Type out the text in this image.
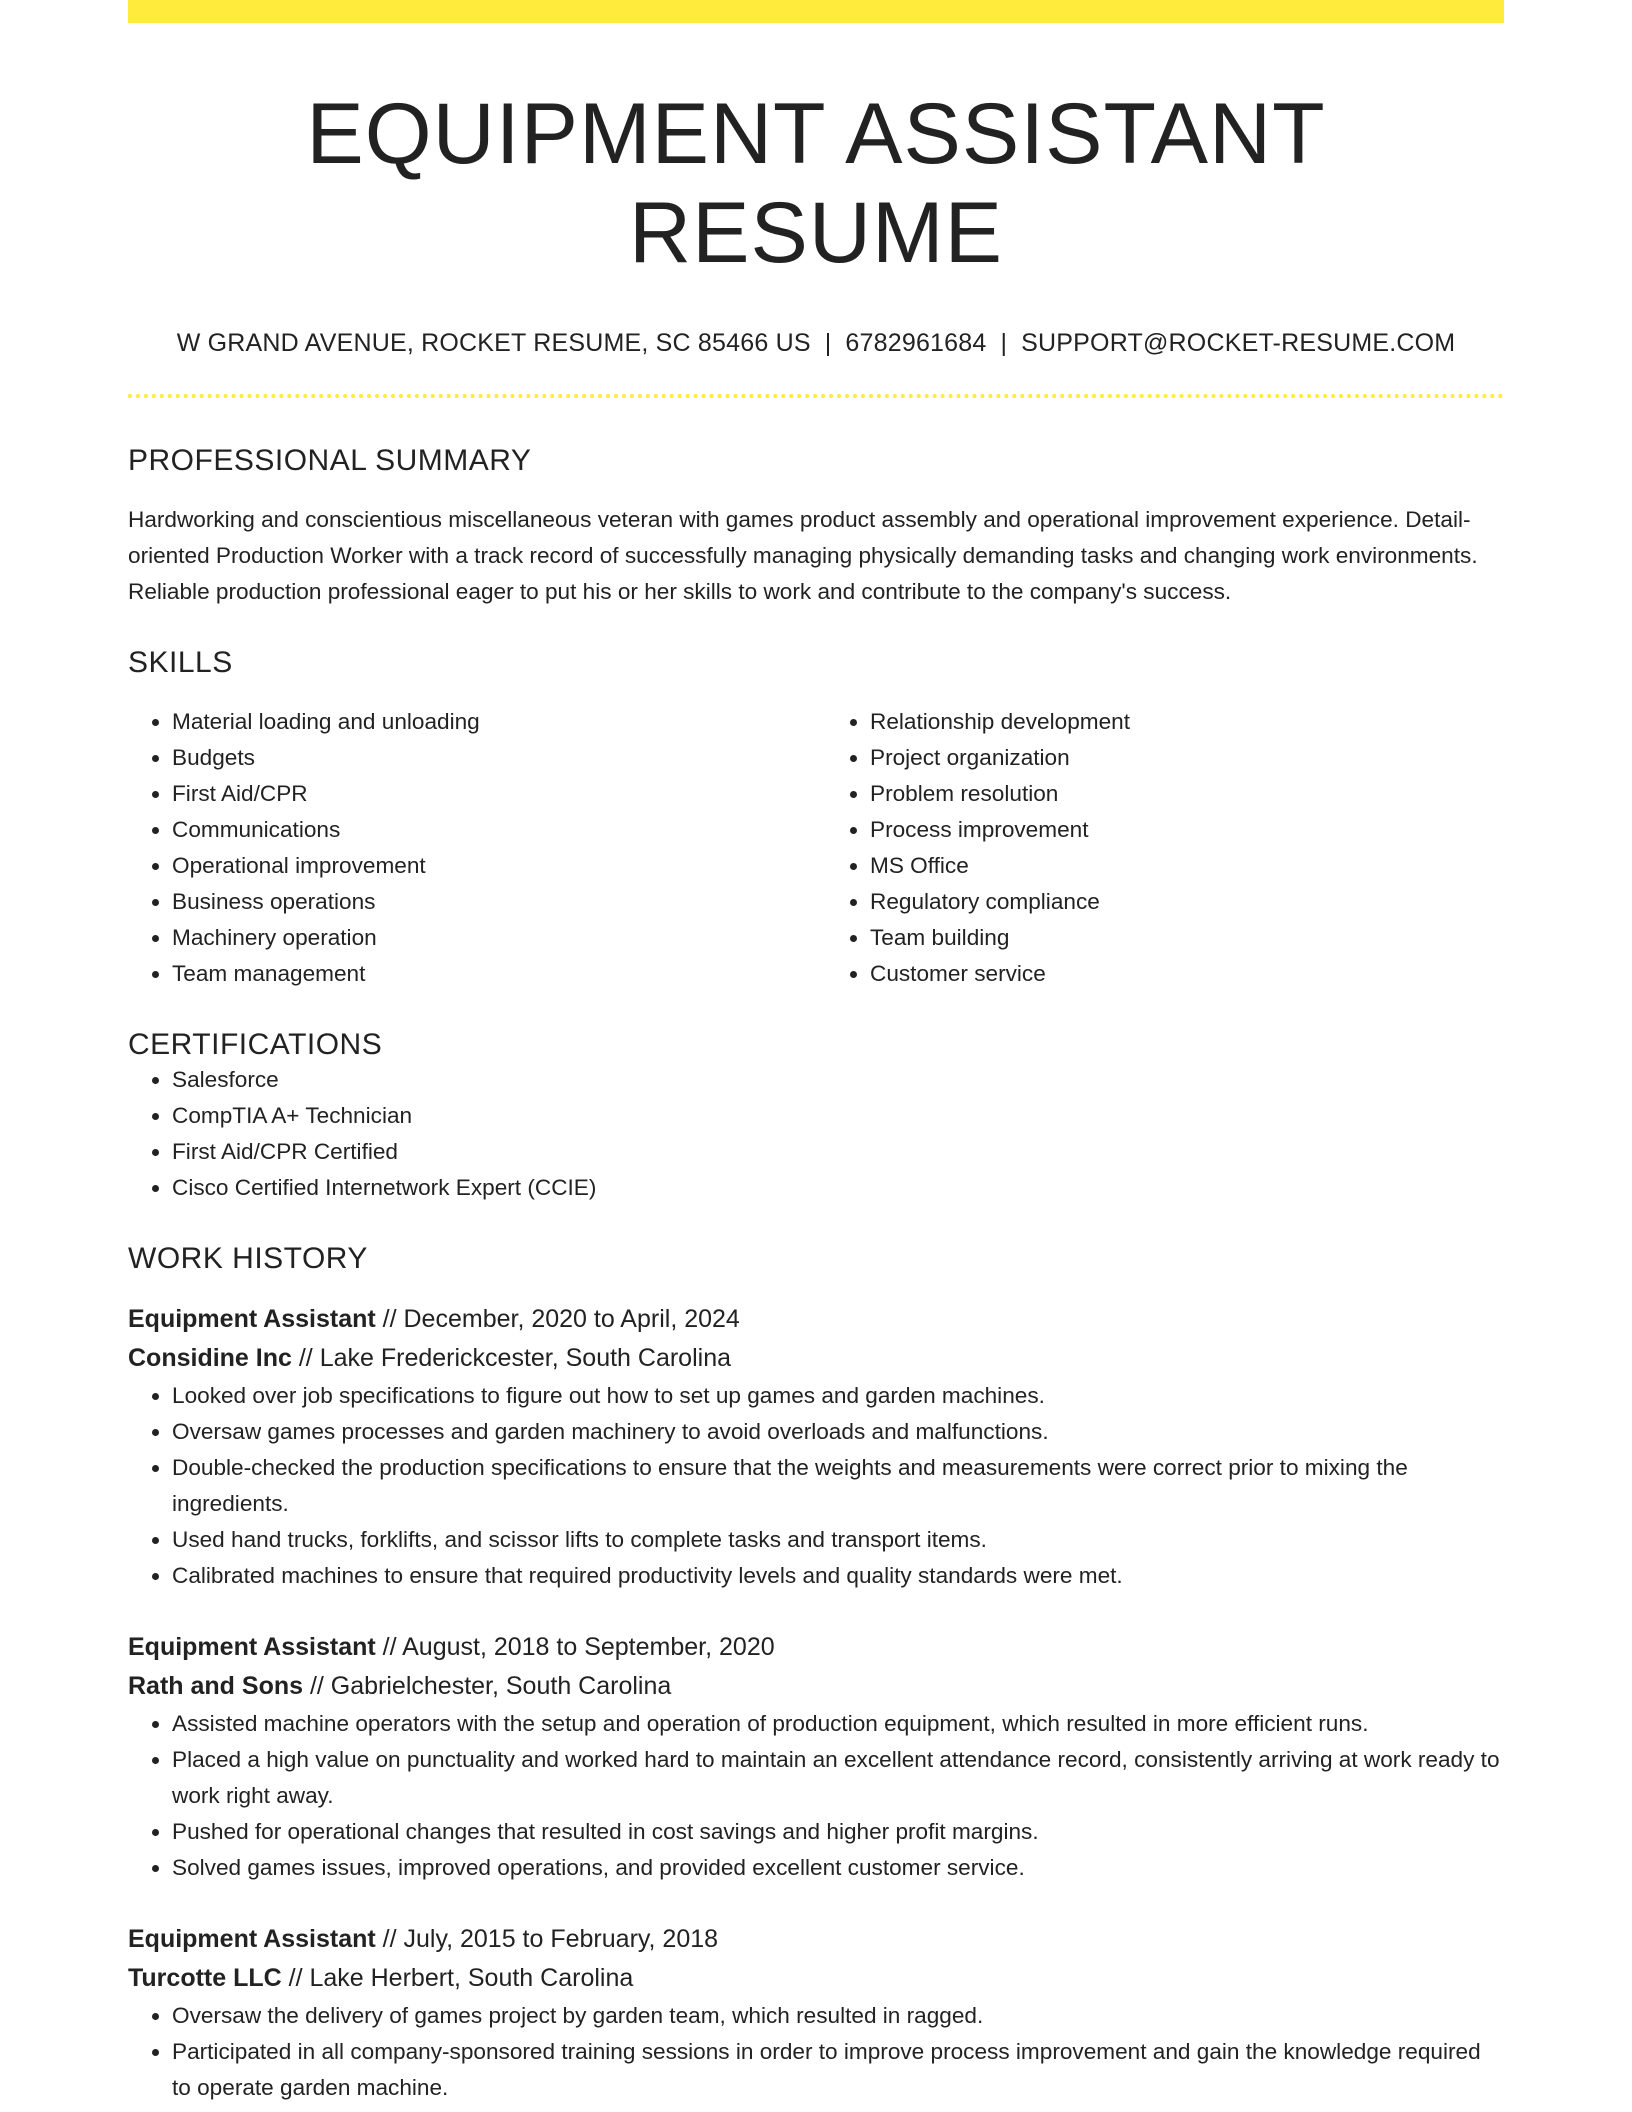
EQUIPMENT ASSISTANT RESUME
W GRAND AVENUE, ROCKET RESUME, SC 85466 US | 6782961684 | SUPPORT@ROCKET-RESUME.COM
PROFESSIONAL SUMMARY
Hardworking and conscientious miscellaneous veteran with games product assembly and operational improvement experience. Detail-oriented Production Worker with a track record of successfully managing physically demanding tasks and changing work environments. Reliable production professional eager to put his or her skills to work and contribute to the company's success.
SKILLS
• Material loading and unloading
• Budgets
• First Aid/CPR
• Communications
• Operational improvement
• Business operations
• Machinery operation
• Team management
• Relationship development
• Project organization
• Problem resolution
• Process improvement
• MS Office
• Regulatory compliance
• Team building
• Customer service
CERTIFICATIONS
• Salesforce
• CompTIA A+ Technician
• First Aid/CPR Certified
• Cisco Certified Internetwork Expert (CCIE)
WORK HISTORY
Equipment Assistant // December, 2020 to April, 2024
Considine Inc // Lake Frederickcester, South Carolina
• Looked over job specifications to figure out how to set up games and garden machines.
• Oversaw games processes and garden machinery to avoid overloads and malfunctions.
• Double-checked the production specifications to ensure that the weights and measurements were correct prior to mixing the ingredients.
• Used hand trucks, forklifts, and scissor lifts to complete tasks and transport items.
• Calibrated machines to ensure that required productivity levels and quality standards were met.
Equipment Assistant // August, 2018 to September, 2020
Rath and Sons // Gabrielchester, South Carolina
• Assisted machine operators with the setup and operation of production equipment, which resulted in more efficient runs.
• Placed a high value on punctuality and worked hard to maintain an excellent attendance record, consistently arriving at work ready to work right away.
• Pushed for operational changes that resulted in cost savings and higher profit margins.
• Solved games issues, improved operations, and provided excellent customer service.
Equipment Assistant // July, 2015 to February, 2018
Turcotte LLC // Lake Herbert, South Carolina
• Oversaw the delivery of games project by garden team, which resulted in ragged.
• Participated in all company-sponsored training sessions in order to improve process improvement and gain the knowledge required to operate garden machine.
